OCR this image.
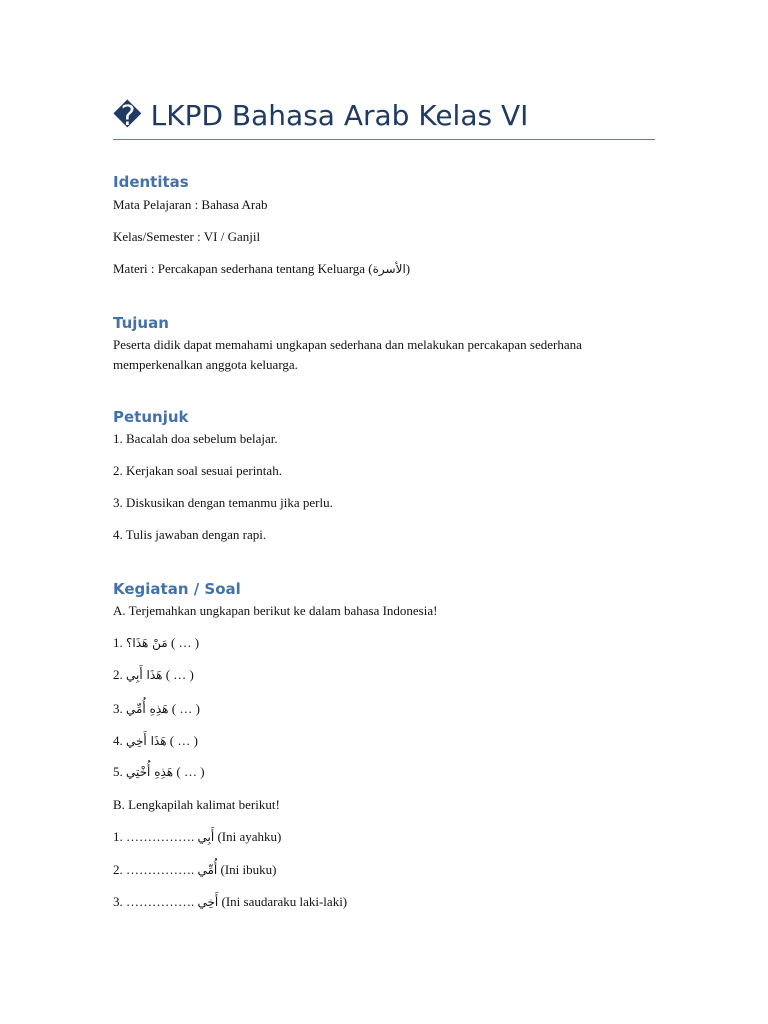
� LKPD Bahasa Arab Kelas VI
Identitas

Mata Pelajaran : Bahasa Arab

Kelas/Semester : VI / Ganjil

Materi : Percakapan sederhana tentang Keluarga (الأسرة)

Tujuan

Peserta didik dapat memahami ungkapan sederhana dan melakukan percakapan sederhana memperkenalkan anggota keluarga.

Petunjuk

1. Bacalah doa sebelum belajar.

2. Kerjakan soal sesuai perintah.

3. Diskusikan dengan temanmu jika perlu.

4. Tulis jawaban dengan rapi.

Kegiatan / Soal

A. Terjemahkan ungkapan berikut ke dalam bahasa Indonesia!

1. مَنْ هَذَا؟ ( … )

2. هَذَا أَبِي ( … )

3. هَذِهِ أُمِّي ( … )

4. هَذَا أَخِي ( … )

5. هَذِهِ أُخْتِي ( … )

B. Lengkapilah kalimat berikut!

1. ……………. أَبِي (Ini ayahku)

2. ……………. أُمِّي (Ini ibuku)

3. ……………. أَخِي (Ini saudaraku laki-laki)
